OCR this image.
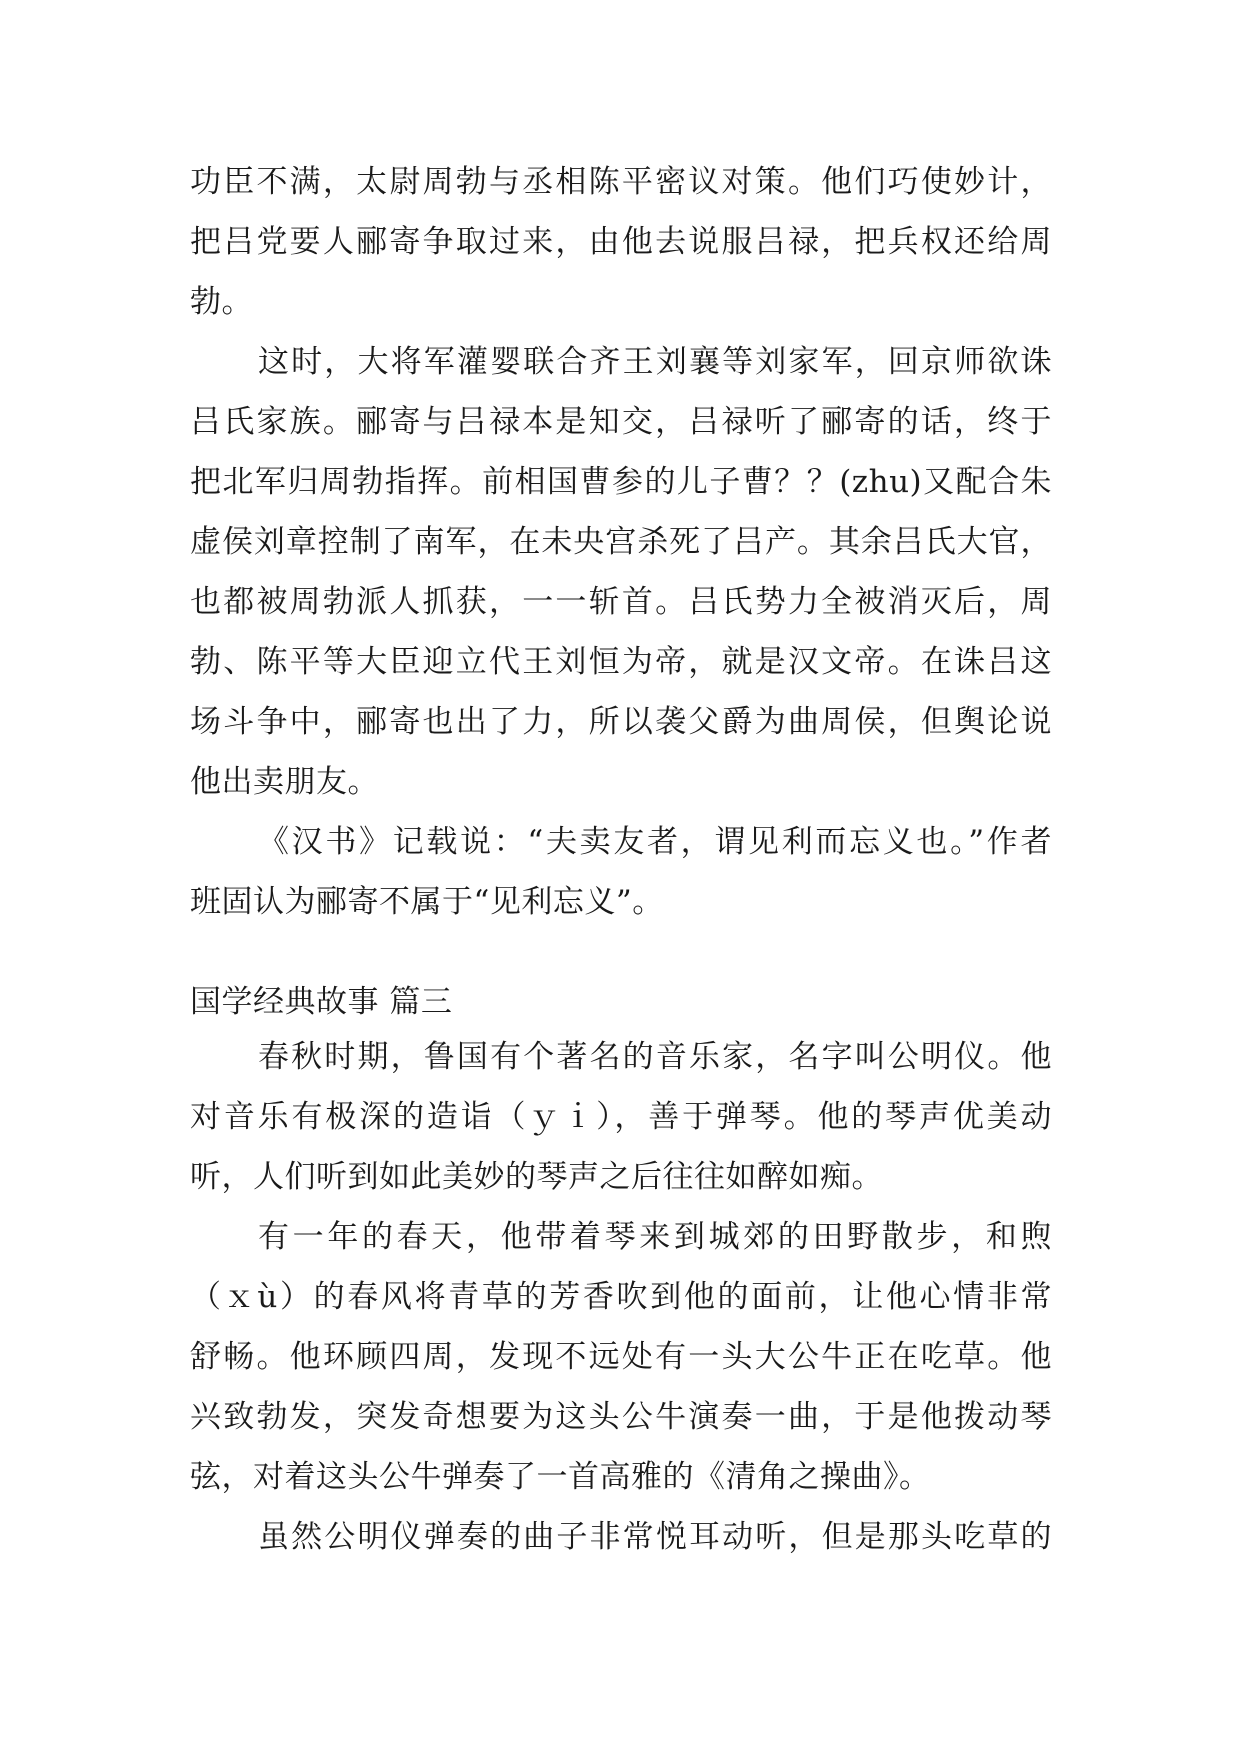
功臣不满，太尉周勃与丞相陈平密议对策。他们巧使妙计，
把吕党要人郦寄争取过来，由他去说服吕禄，把兵权还给周
勃。
这时，大将军灌婴联合齐王刘襄等刘家军，回京师欲诛
吕氏家族。郦寄与吕禄本是知交，吕禄听了郦寄的话，终于
把北军归周勃指挥。前相国曹参的儿子曹？？(zhu)又配合朱
虚侯刘章控制了南军，在未央宫杀死了吕产。其余吕氏大官，
也都被周勃派人抓获，一一斩首。吕氏势力全被消灭后，周
勃、陈平等大臣迎立代王刘恒为帝，就是汉文帝。在诛吕这
场斗争中，郦寄也出了力，所以袭父爵为曲周侯，但舆论说
他出卖朋友。
《汉书》记载说：“夫卖友者，谓见利而忘义也。”作者
班固认为郦寄不属于“见利忘义”。
国学经典故事 篇三
春秋时期，鲁国有个著名的音乐家，名字叫公明仪。他
对音乐有极深的造诣（ｙｉ），善于弹琴。他的琴声优美动
听，人们听到如此美妙的琴声之后往往如醉如痴。
有一年的春天，他带着琴来到城郊的田野散步，和煦
（ｘù）的春风将青草的芳香吹到他的面前，让他心情非常
舒畅。他环顾四周，发现不远处有一头大公牛正在吃草。他
兴致勃发，突发奇想要为这头公牛演奏一曲，于是他拨动琴
弦，对着这头公牛弹奏了一首高雅的《清角之操曲》。
虽然公明仪弹奏的曲子非常悦耳动听，但是那头吃草的
